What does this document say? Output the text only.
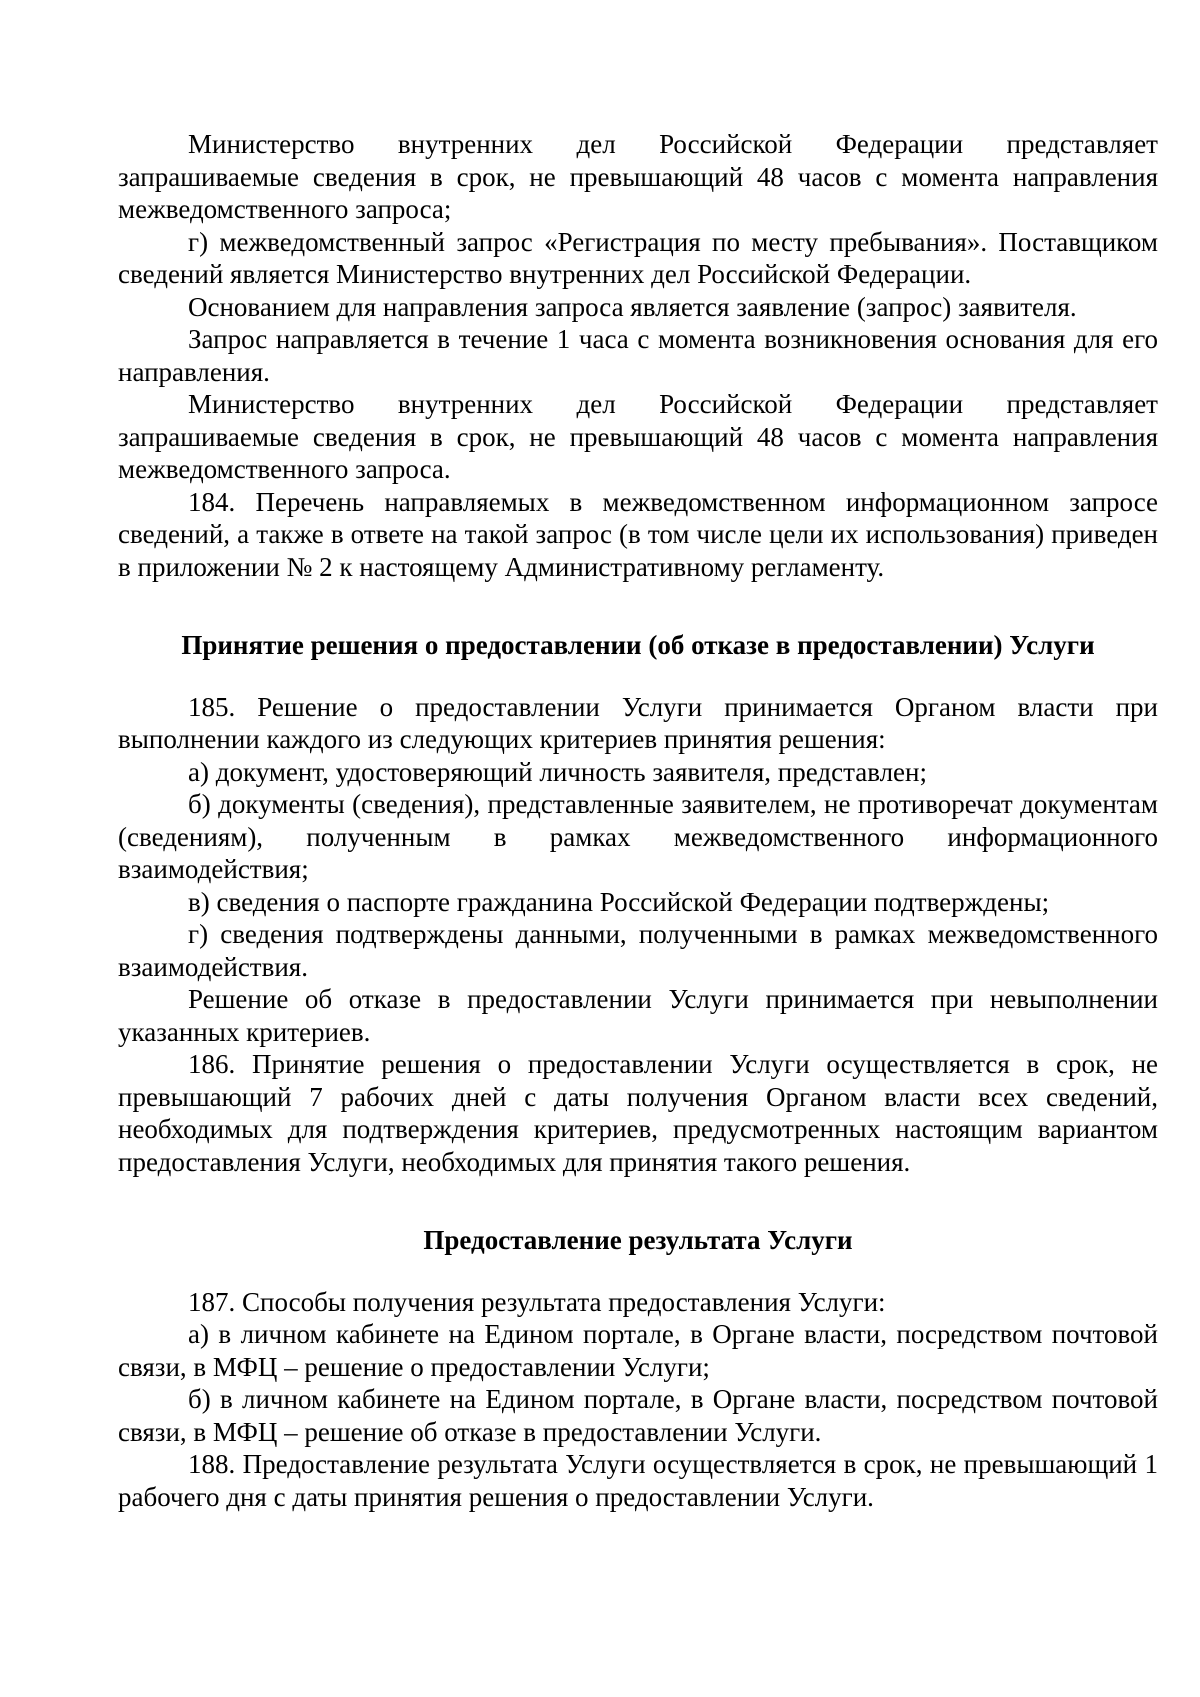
Министерство внутренних дел Российской Федерации представляет запрашиваемые сведения в срок, не превышающий 48 часов с момента направления межведомственного запроса;

г) межведомственный запрос «Регистрация по месту пребывания». Поставщиком сведений является Министерство внутренних дел Российской Федерации.

Основанием для направления запроса является заявление (запрос) заявителя.

Запрос направляется в течение 1 часа с момента возникновения основания для его направления.

Министерство внутренних дел Российской Федерации представляет запрашиваемые сведения в срок, не превышающий 48 часов с момента направления межведомственного запроса.

184. Перечень направляемых в межведомственном информационном запросе сведений, а также в ответе на такой запрос (в том числе цели их использования) приведен в приложении № 2 к настоящему Административному регламенту.

Принятие решения о предоставлении (об отказе в предоставлении) Услуги

185. Решение о предоставлении Услуги принимается Органом власти при выполнении каждого из следующих критериев принятия решения:

а) документ, удостоверяющий личность заявителя, представлен;

б) документы (сведения), представленные заявителем, не противоречат документам (сведениям), полученным в рамках межведомственного информационного взаимодействия;

в) сведения о паспорте гражданина Российской Федерации подтверждены;

г) сведения подтверждены данными, полученными в рамках межведомственного взаимодействия.

Решение об отказе в предоставлении Услуги принимается при невыполнении указанных критериев.

186. Принятие решения о предоставлении Услуги осуществляется в срок, не превышающий 7 рабочих дней с даты получения Органом власти всех сведений, необходимых для подтверждения критериев, предусмотренных настоящим вариантом предоставления Услуги, необходимых для принятия такого решения.

Предоставление результата Услуги

187. Способы получения результата предоставления Услуги:

а) в личном кабинете на Едином портале, в Органе власти, посредством почтовой связи, в МФЦ – решение о предоставлении Услуги;

б) в личном кабинете на Едином портале, в Органе власти, посредством почтовой связи, в МФЦ – решение об отказе в предоставлении Услуги.

188. Предоставление результата Услуги осуществляется в срок, не превышающий 1 рабочего дня с даты принятия решения о предоставлении Услуги.
